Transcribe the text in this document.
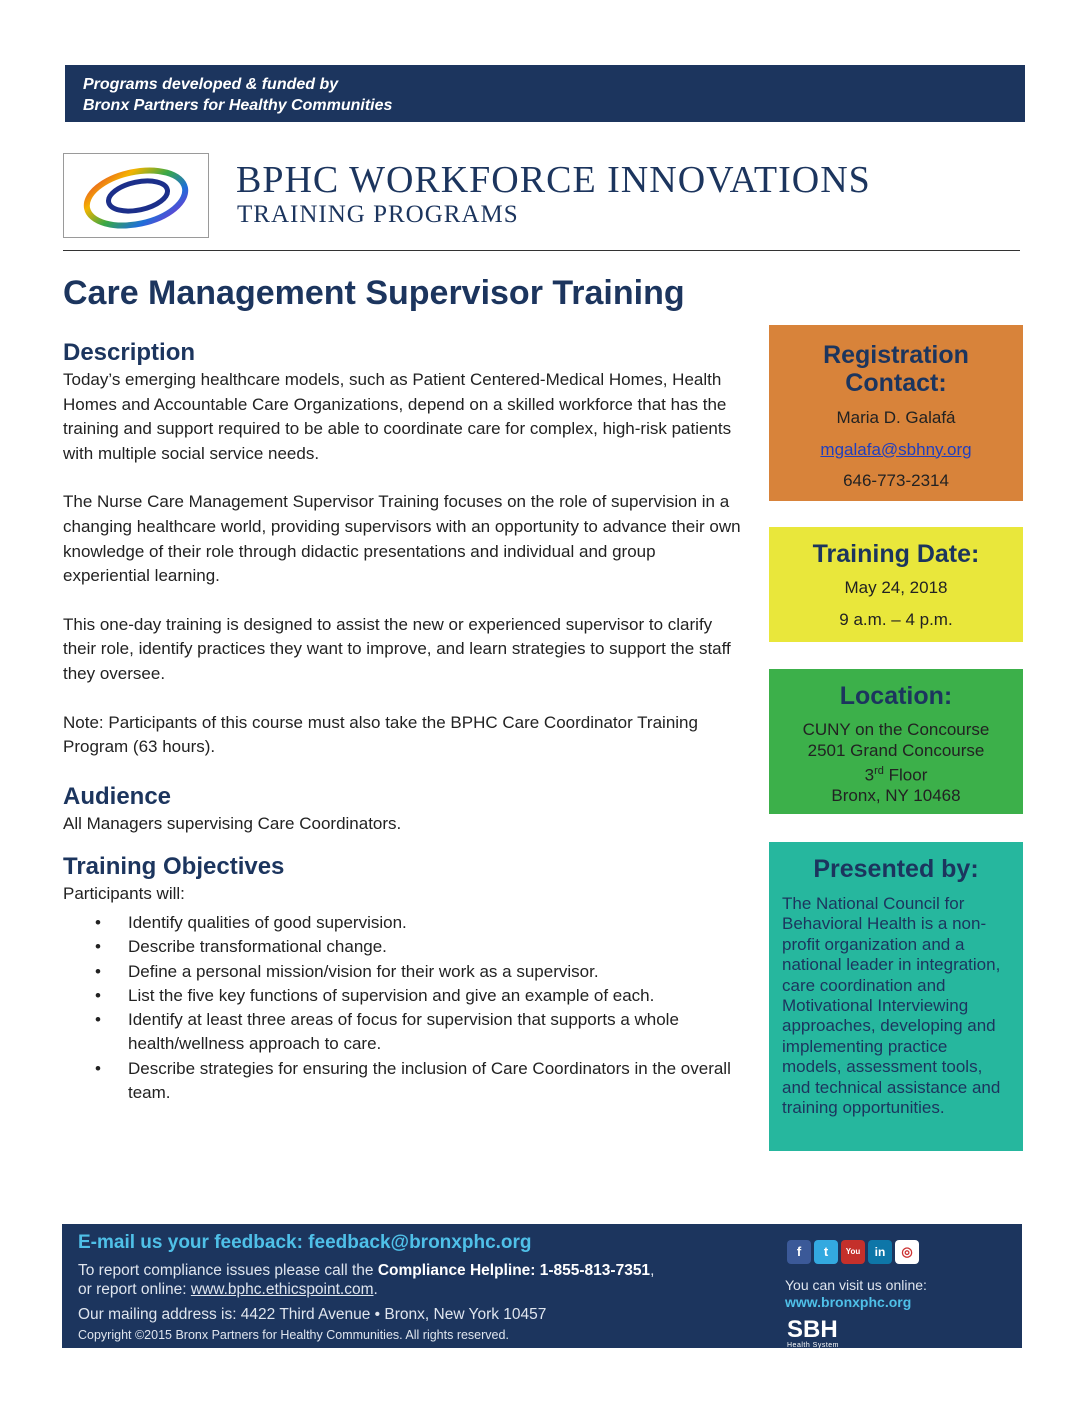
Programs developed & funded by
Bronx Partners for Healthy Communities
BPHC WORKFORCE INNOVATIONS
TRAINING PROGRAMS
Care Management Supervisor Training
Description

Today’s emerging healthcare models, such as Patient Centered-Medical Homes, Health Homes and Accountable Care Organizations, depend on a skilled workforce that has the training and support required to be able to coordinate care for complex, high-risk patients with multiple social service needs.

The Nurse Care Management Supervisor Training focuses on the role of supervision in a changing healthcare world, providing supervisors with an opportunity to advance their own knowledge of their role through didactic presentations and individual and group experiential learning.

This one-day training is designed to assist the new or experienced supervisor to clarify their role, identify practices they want to improve, and learn strategies to support the staff they oversee.

Note: Participants of this course must also take the BPHC Care Coordinator Training Program (63 hours).

Audience

All Managers supervising Care Coordinators.

Training Objectives

Participants will:

• Identify qualities of good supervision.
• Describe transformational change.
• Define a personal mission/vision for their work as a supervisor.
• List the five key functions of supervision and give an example of each.
• Identify at least three areas of focus for supervision that supports a whole health/wellness approach to care.
• Describe strategies for ensuring the inclusion of Care Coordinators in the overall team.
Registration
Contact:
Maria D. Galafá
mgalafa@sbhny.org
646-773-2314
Training Date:
May 24, 2018
9 a.m. – 4 p.m.
Location:
CUNY on the Concourse
2501 Grand Concourse
3rd Floor
Bronx, NY 10468
Presented by:
The National Council for Behavioral Health is a non-profit organization and a national leader in integration, care coordination and Motivational Interviewing approaches, developing and implementing practice models, assessment tools, and technical assistance and training opportunities.
E-mail us your feedback: feedback@bronxphc.org
To report compliance issues please call the Compliance Helpline: 1-855-813-7351,
or report online: www.bphc.ethicspoint.com.
Our mailing address is: 4422 Third Avenue • Bronx, New York 10457
Copyright ©2015 Bronx Partners for Healthy Communities. All rights reserved.
f	t	You	in	◎
You can visit us online:
www.bronxphc.org
SBH
Health System
B R O N X
